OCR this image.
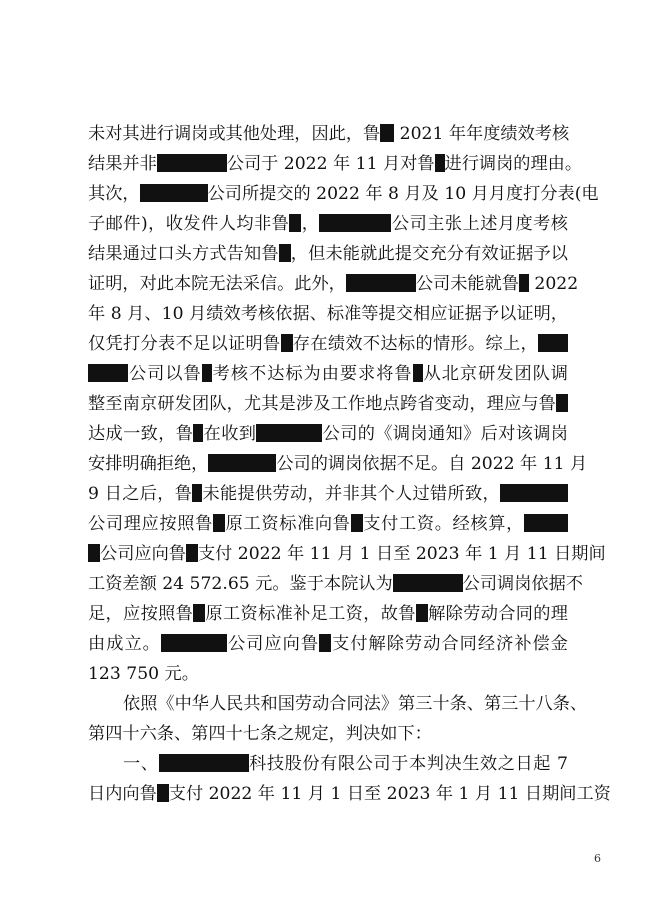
未对其进行调岗或其他处理，因此，鲁 2021 年年度绩效考核
结果并非	公司于 2022 年 11 月对鲁 进行调岗的理由。
其次，	公司所提交的 2022 年 8 月及 10 月月度打分表(电
子邮件)，收发件人均非鲁 ，	公司主张上述月度考核
结果通过口头方式告知鲁 ，但未能就此提交充分有效证据予以
证明，对此本院无法采信。此外，	公司未能就鲁 2022
年 8 月、10 月绩效考核依据、标准等提交相应证据予以证明，
仅凭打分表不足以证明鲁 存在绩效不达标的情形。综上，
公司以鲁 考核不达标为由要求将鲁 从北京研发团队调
整至南京研发团队，尤其是涉及工作地点跨省变动，理应与鲁
达成一致，鲁 在收到	公司的《调岗通知》后对该调岗
安排明确拒绝，	公司的调岗依据不足。自 2022 年 11 月
9 日之后，鲁 未能提供劳动，并非其个人过错所致，
公司理应按照鲁 原工资标准向鲁 支付工资。经核算，
公司应向鲁 支付 2022 年 11 月 1 日至 2023 年 1 月 11 日期间
工资差额 24 572.65 元。鉴于本院认为	公司调岗依据不
足，应按照鲁 原工资标准补足工资，故鲁 解除劳动合同的理
由成立。	公司应向鲁 支付解除劳动合同经济补偿金
123 750 元。
依照《中华人民共和国劳动合同法》第三十条、第三十八条、
第四十六条、第四十七条之规定，判决如下：
一、	科技股份有限公司于本判决生效之日起 7
日内向鲁 支付 2022 年 11 月 1 日至 2023 年 1 月 11 日期间工资
6
